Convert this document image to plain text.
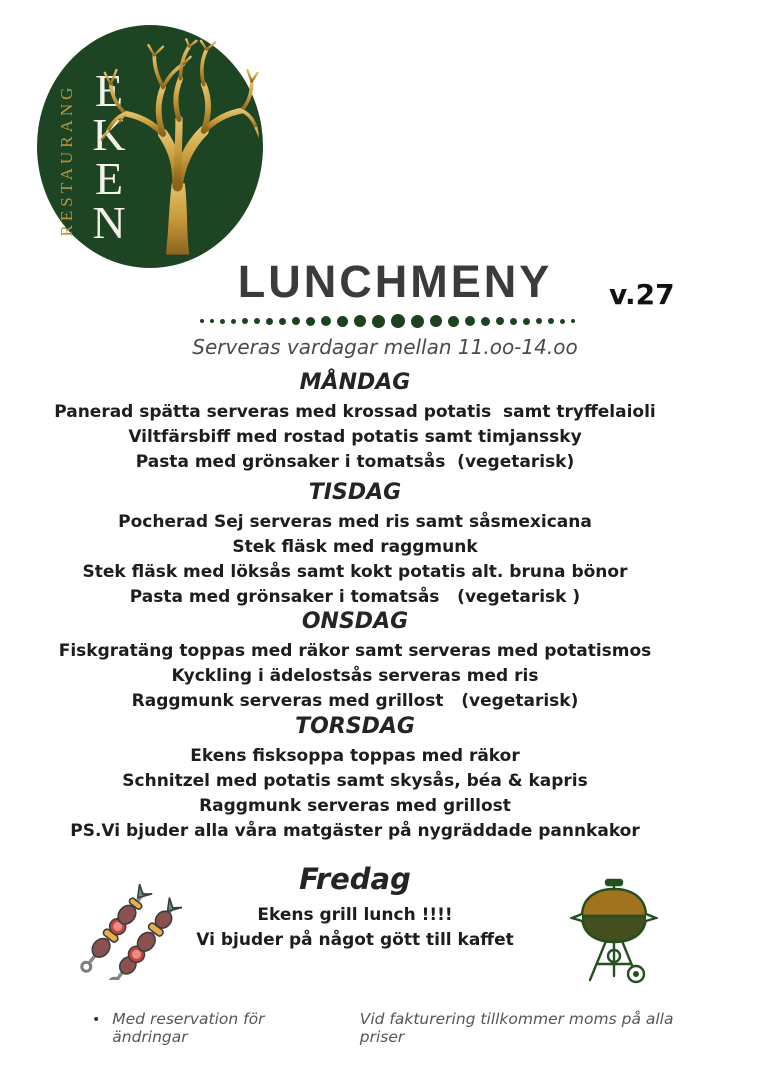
RESTAURANG E
K
E
N
LUNCHMENY	v.27
Serveras vardagar mellan 11.oo-14.oo
MÅNDAG
Panerad spätta serveras med krossad potatis  samt tryffelaioli
Viltfärsbiff med rostad potatis samt timjanssky
Pasta med grönsaker i tomatsås  (vegetarisk)
TISDAG
Pocherad Sej serveras med ris samt såsmexicana
Stek fläsk med raggmunk
Stek fläsk med löksås samt kokt potatis alt. bruna bönor
Pasta med grönsaker i tomatsås   (vegetarisk )
ONSDAG
Fiskgratäng toppas med räkor samt serveras med potatismos
Kyckling i ädelostsås serveras med ris
Raggmunk serveras med grillost   (vegetarisk)
TORSDAG
Ekens fisksoppa toppas med räkor
Schnitzel med potatis samt skysås, béa & kapris
Raggmunk serveras med grillost
PS.Vi bjuder alla våra matgäster på nygräddade pannkakor
Fredag
Ekens grill lunch !!!!
Vi bjuder på något gött till kaffet
• Med reservation för ändringar
Vid fakturering tillkommer moms på alla priser
